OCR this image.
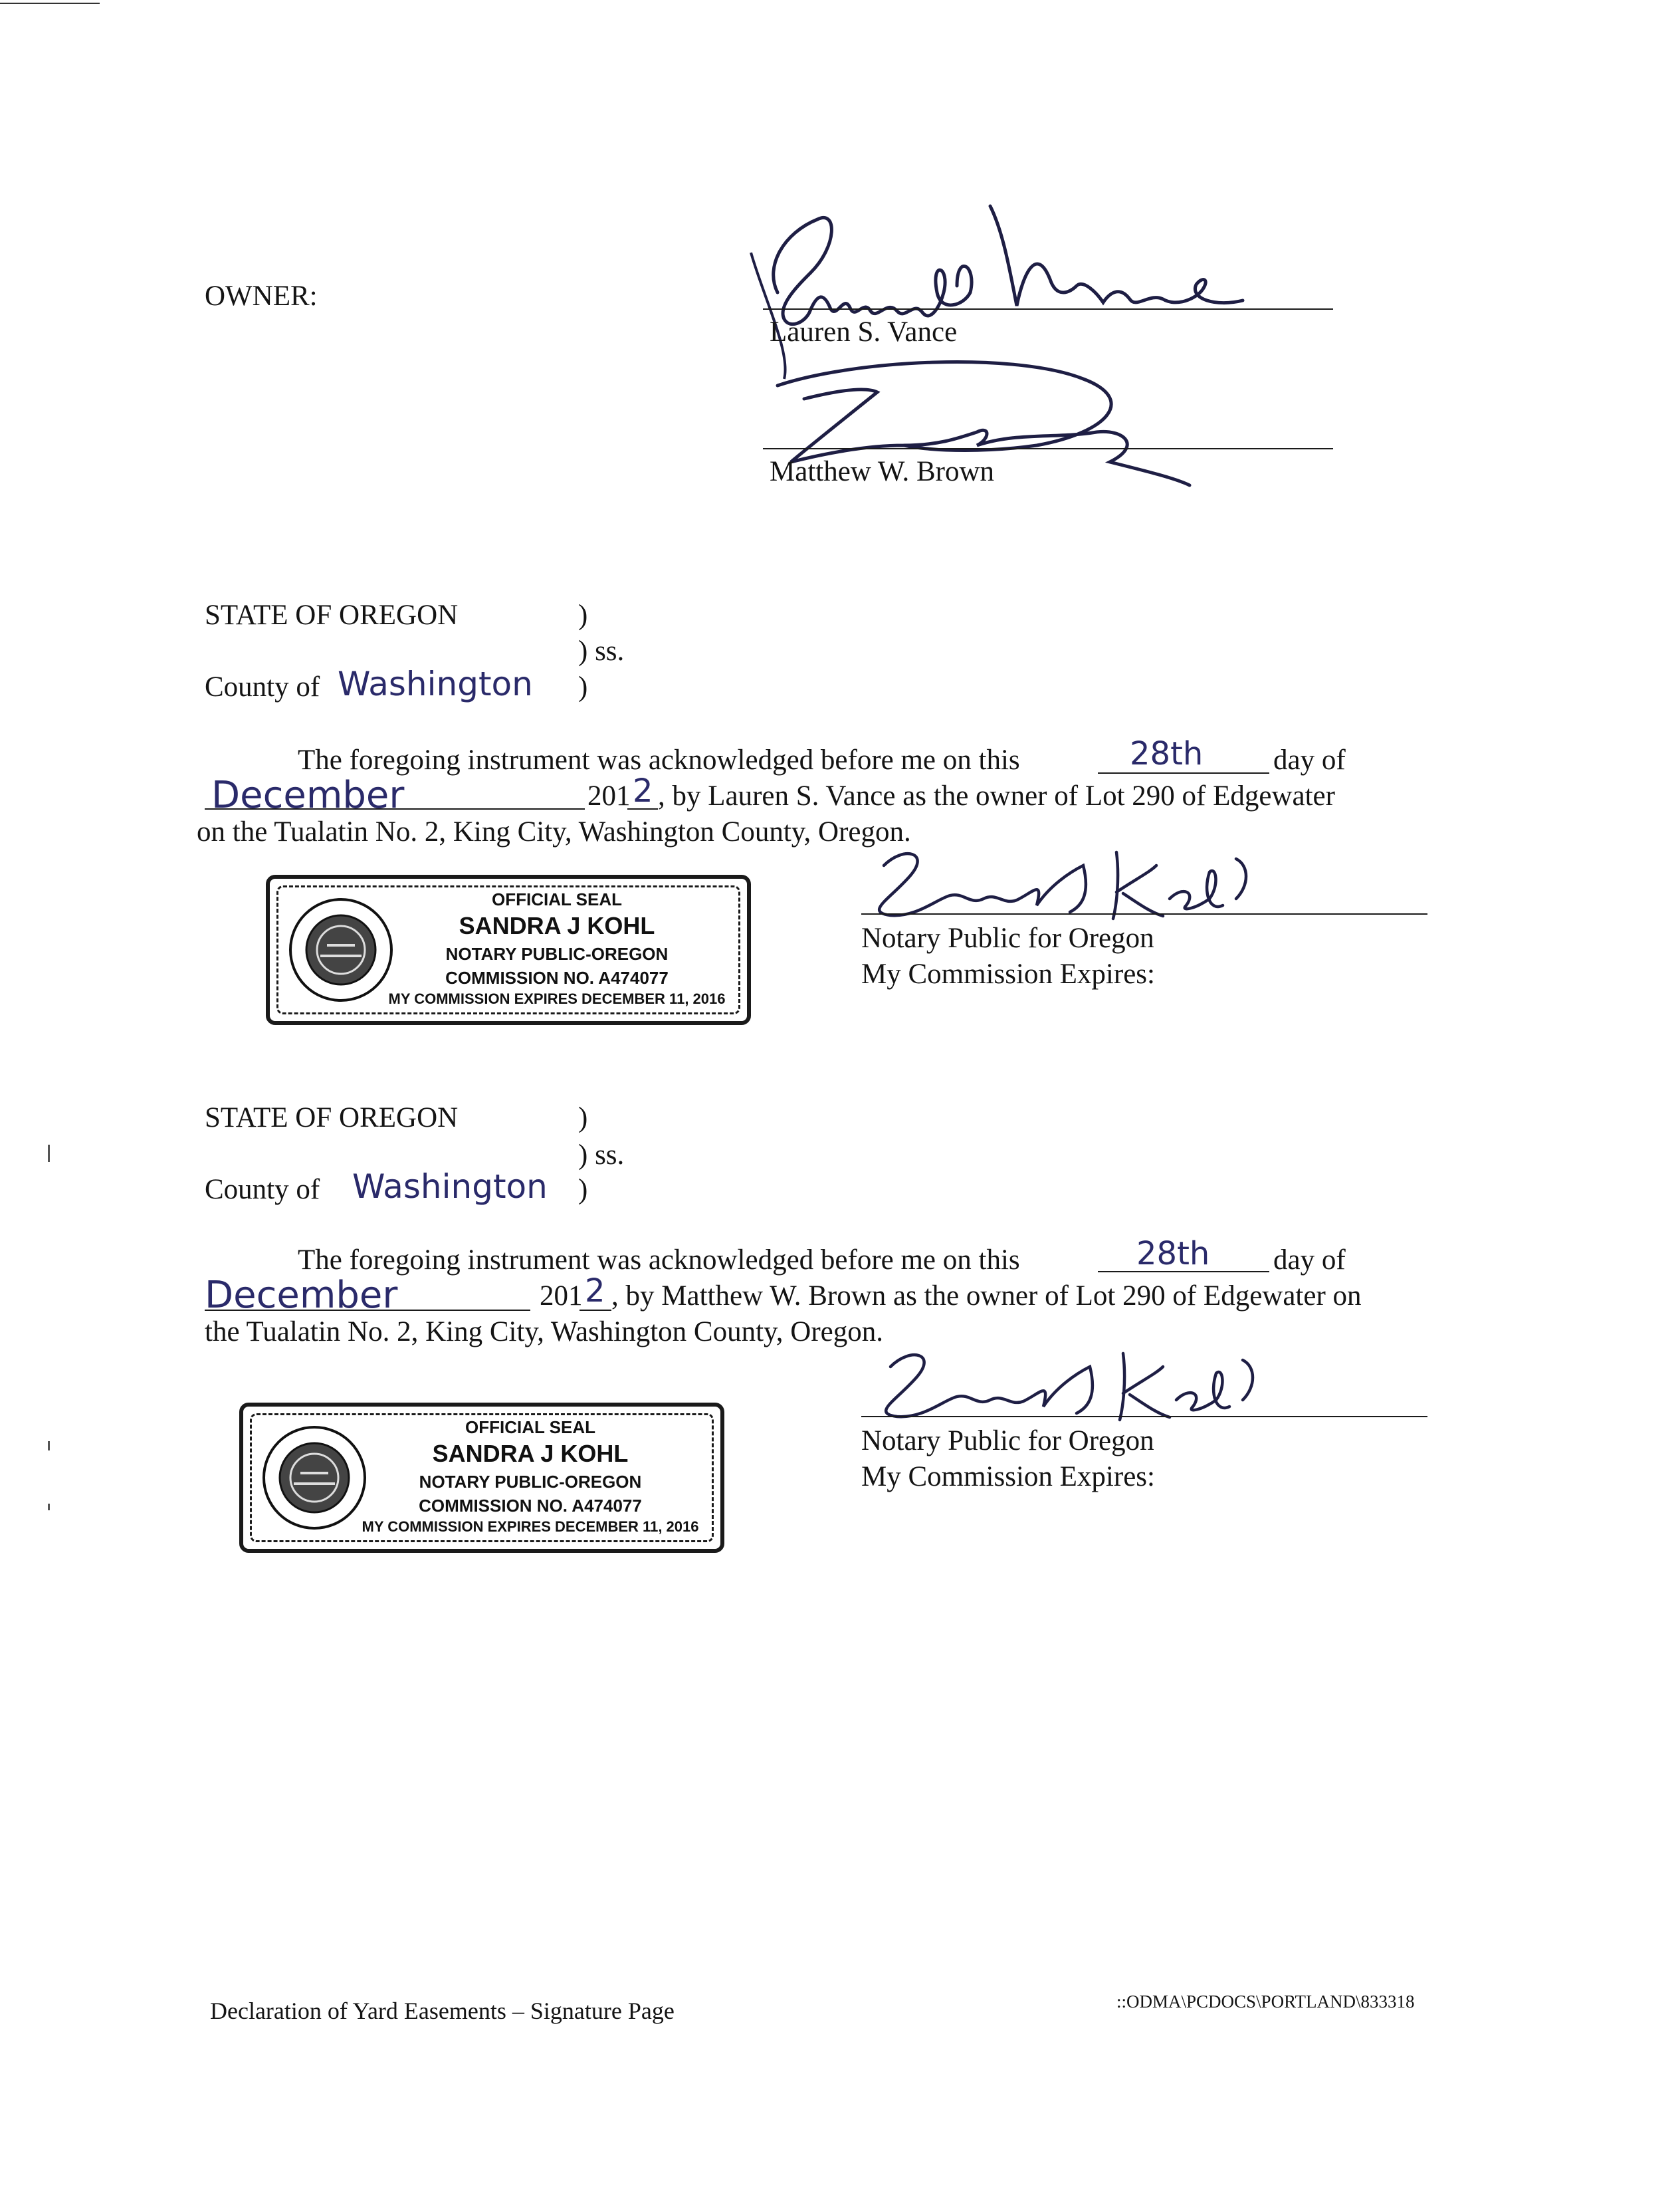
OWNER:
Lauren S. Vance
Matthew W. Brown
STATE OF OREGON	)
) ss.
County of Washington )
The foregoing instrument was acknowledged before me on this	28th day of
December	201 2 , by Lauren S. Vance as the owner of Lot 290 of Edgewater
on the Tualatin No. 2, King City, Washington County, Oregon.
OFFICIAL SEAL
SANDRA J KOHL
NOTARY PUBLIC-OREGON
COMMISSION NO. A474077
MY COMMISSION EXPIRES DECEMBER 11, 2016
Notary Public for Oregon
My Commission Expires:
STATE OF OREGON	)
) ss.
County of Washington )
The foregoing instrument was acknowledged before me on this	28th day of
December	201 2 , by Matthew W. Brown as the owner of Lot 290 of Edgewater on
the Tualatin No. 2, King City, Washington County, Oregon.
OFFICIAL SEAL
SANDRA J KOHL
NOTARY PUBLIC-OREGON
COMMISSION NO. A474077
MY COMMISSION EXPIRES DECEMBER 11, 2016
Notary Public for Oregon
My Commission Expires:
Declaration of Yard Easements – Signature Page	::ODMA\PCDOCS\PORTLAND\833318
